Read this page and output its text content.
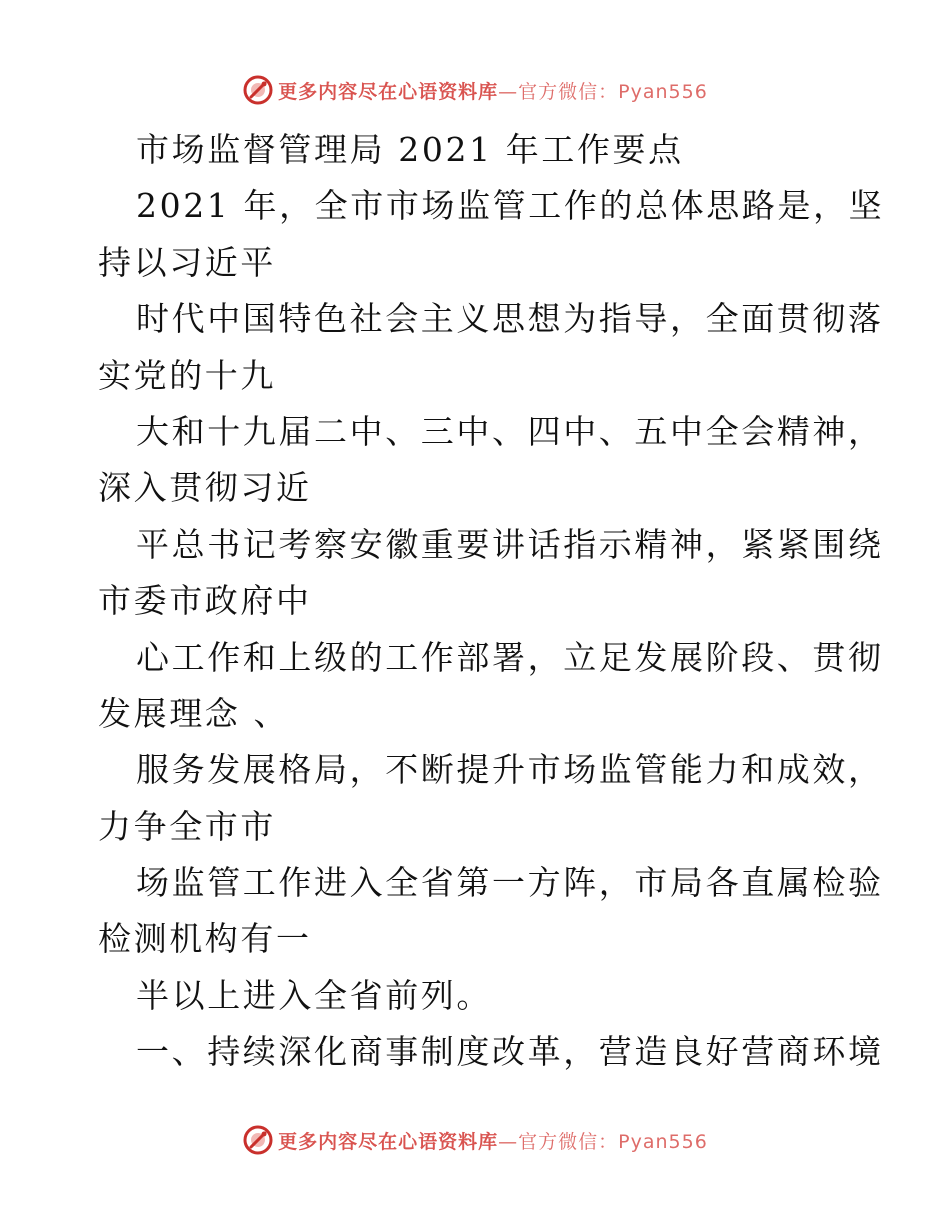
更多内容尽在心语资料库 —官方微信：Pyan556
市场监督管理局 2021 年工作要点
2021 年，全市市场监管工作的总体思路是，坚
持以习近平
时代中国特色社会主义思想为指导，全面贯彻落
实党的十九
大和十九届二中、三中、四中、五中全会精神，
深入贯彻习近
平总书记考察安徽重要讲话指示精神，紧紧围绕
市委市政府中
心工作和上级的工作部署，立足发展阶段、贯彻
发展理念 、
服务发展格局，不断提升市场监管能力和成效，
力争全市市
场监管工作进入全省第一方阵，市局各直属检验
检测机构有一
半以上进入全省前列。
一、持续深化商事制度改革，营造良好营商环境
更多内容尽在心语资料库 —官方微信：Pyan556
